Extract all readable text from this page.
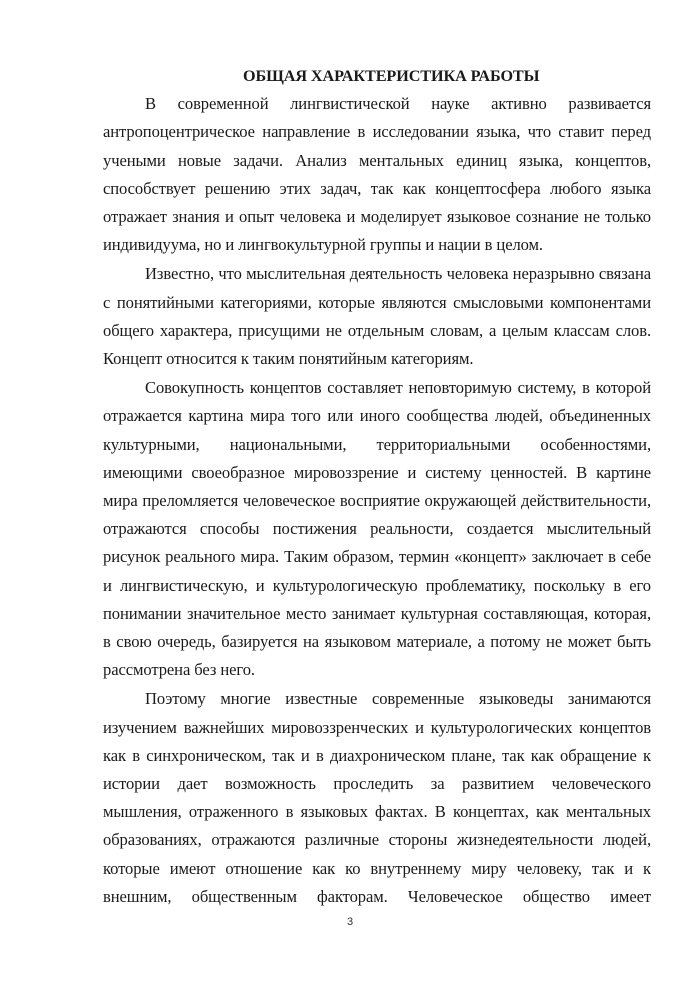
ОБЩАЯ ХАРАКТЕРИСТИКА РАБОТЫ

В современной лингвистической науке активно развивается антропоцентрическое направление в исследовании языка, что ставит перед учеными новые задачи. Анализ ментальных единиц языка, концептов, способствует решению этих задач, так как концептосфера любого языка отражает знания и опыт человека и моделирует языковое сознание не только индивидуума, но и лингвокультурной группы и нации в целом.

Известно, что мыслительная деятельность человека неразрывно связана с понятийными категориями, которые являются смысловыми компонентами общего характера, присущими не отдельным словам, а целым классам слов. Концепт относится к таким понятийным категориям.

Совокупность концептов составляет неповторимую систему, в которой отражается картина мира того или иного сообщества людей, объединенных культурными, национальными, территориальными особенностями, имеющими своеобразное мировоззрение и систему ценностей. В картине мира преломляется человеческое восприятие окружающей действительности, отражаются способы постижения реальности, создается мыслительный рисунок реального мира. Таким образом, термин «концепт» заключает в себе и лингвистическую, и культурологическую проблематику, поскольку в его понимании значительное место занимает культурная составляющая, которая, в свою очередь, базируется на языковом материале, а потому не может быть рассмотрена без него.

Поэтому многие известные современные языковеды занимаются изучением важнейших мировоззренческих и культурологических концептов как в синхроническом, так и в диахроническом плане, так как обращение к истории дает возможность проследить за развитием человеческого мышления, отраженного в языковых фактах. В концептах, как ментальных образованиях, отражаются различные стороны жизнедеятельности людей, которые имеют отношение как ко внутреннему миру человеку, так и к внешним, общественным факторам. Человеческое общество имеет

3
